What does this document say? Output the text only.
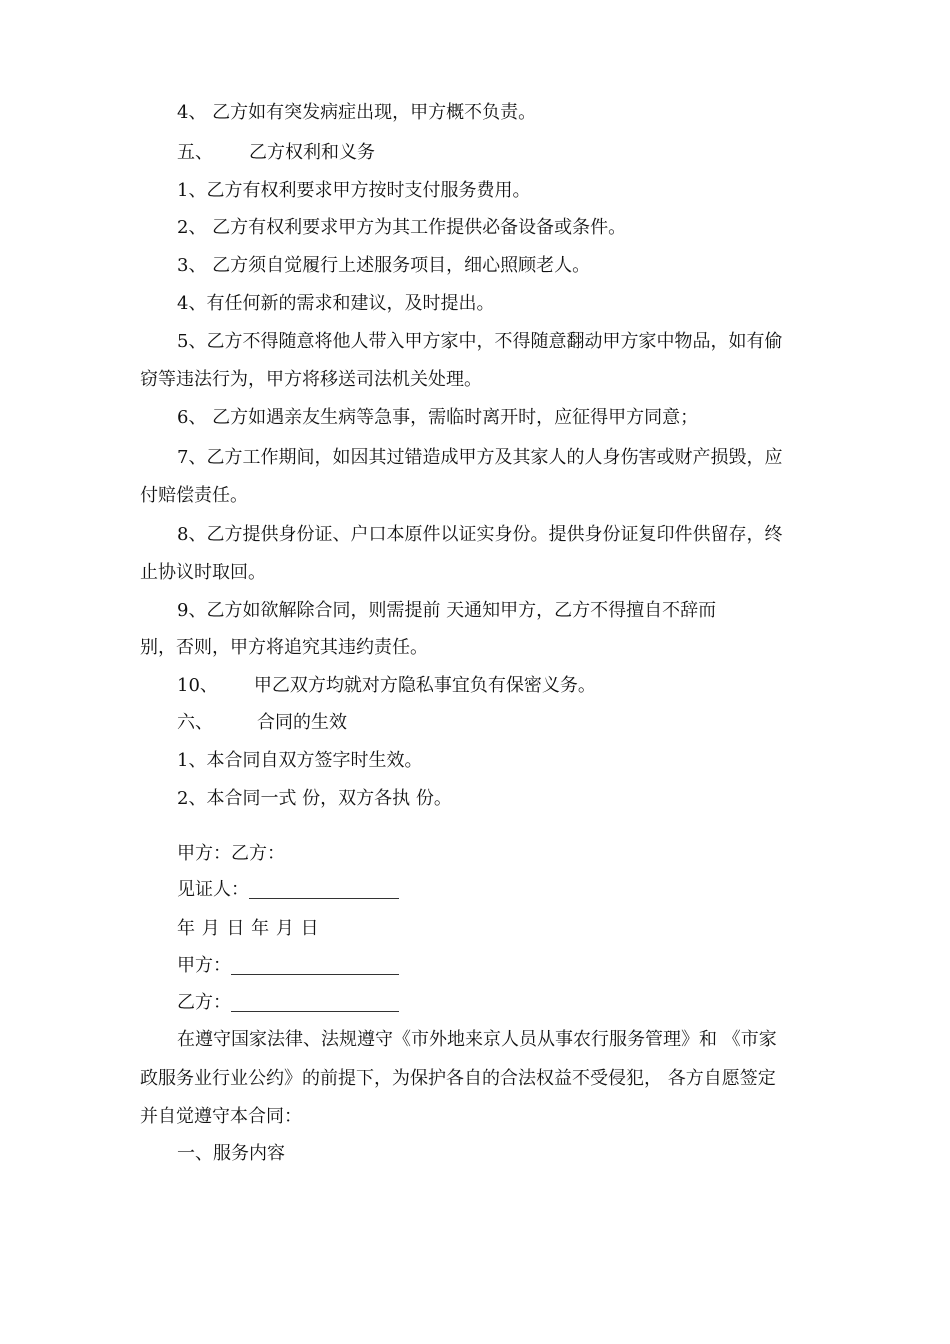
4、 乙方如有突发病症出现，甲方概不负责。
五、 乙方权利和义务
1、乙方有权利要求甲方按时支付服务费用。
2、 乙方有权利要求甲方为其工作提供必备设备或条件。
3、 乙方须自觉履行上述服务项目，细心照顾老人。
4、有任何新的需求和建议，及时提出。
5、乙方不得随意将他人带入甲方家中，不得随意翻动甲方家中物品，如有偷
窃等违法行为，甲方将移送司法机关处理。
6、 乙方如遇亲友生病等急事，需临时离开时，应征得甲方同意；
7、乙方工作期间，如因其过错造成甲方及其家人的人身伤害或财产损毁，应
付赔偿责任。
8、乙方提供身份证、户口本原件以证实身份。提供身份证复印件供留存，终
止协议时取回。
9、乙方如欲解除合同，则需提前 天通知甲方，乙方不得擅自不辞而
别，否则，甲方将追究其违约责任。
10、 甲乙双方均就对方隐私事宜负有保密义务。
六、 合同的生效
1、本合同自双方签字时生效。
2、本合同一式 份，双方各执 份。
甲方：乙方：
见证人：
年 月 日 年 月 日
甲方：
乙方：
在遵守国家法律、法规遵守《市外地来京人员从事农行服务管理》和 《市家
政服务业行业公约》的前提下，为保护各自的合法权益不受侵犯， 各方自愿签定
并自觉遵守本合同：
一、服务内容
